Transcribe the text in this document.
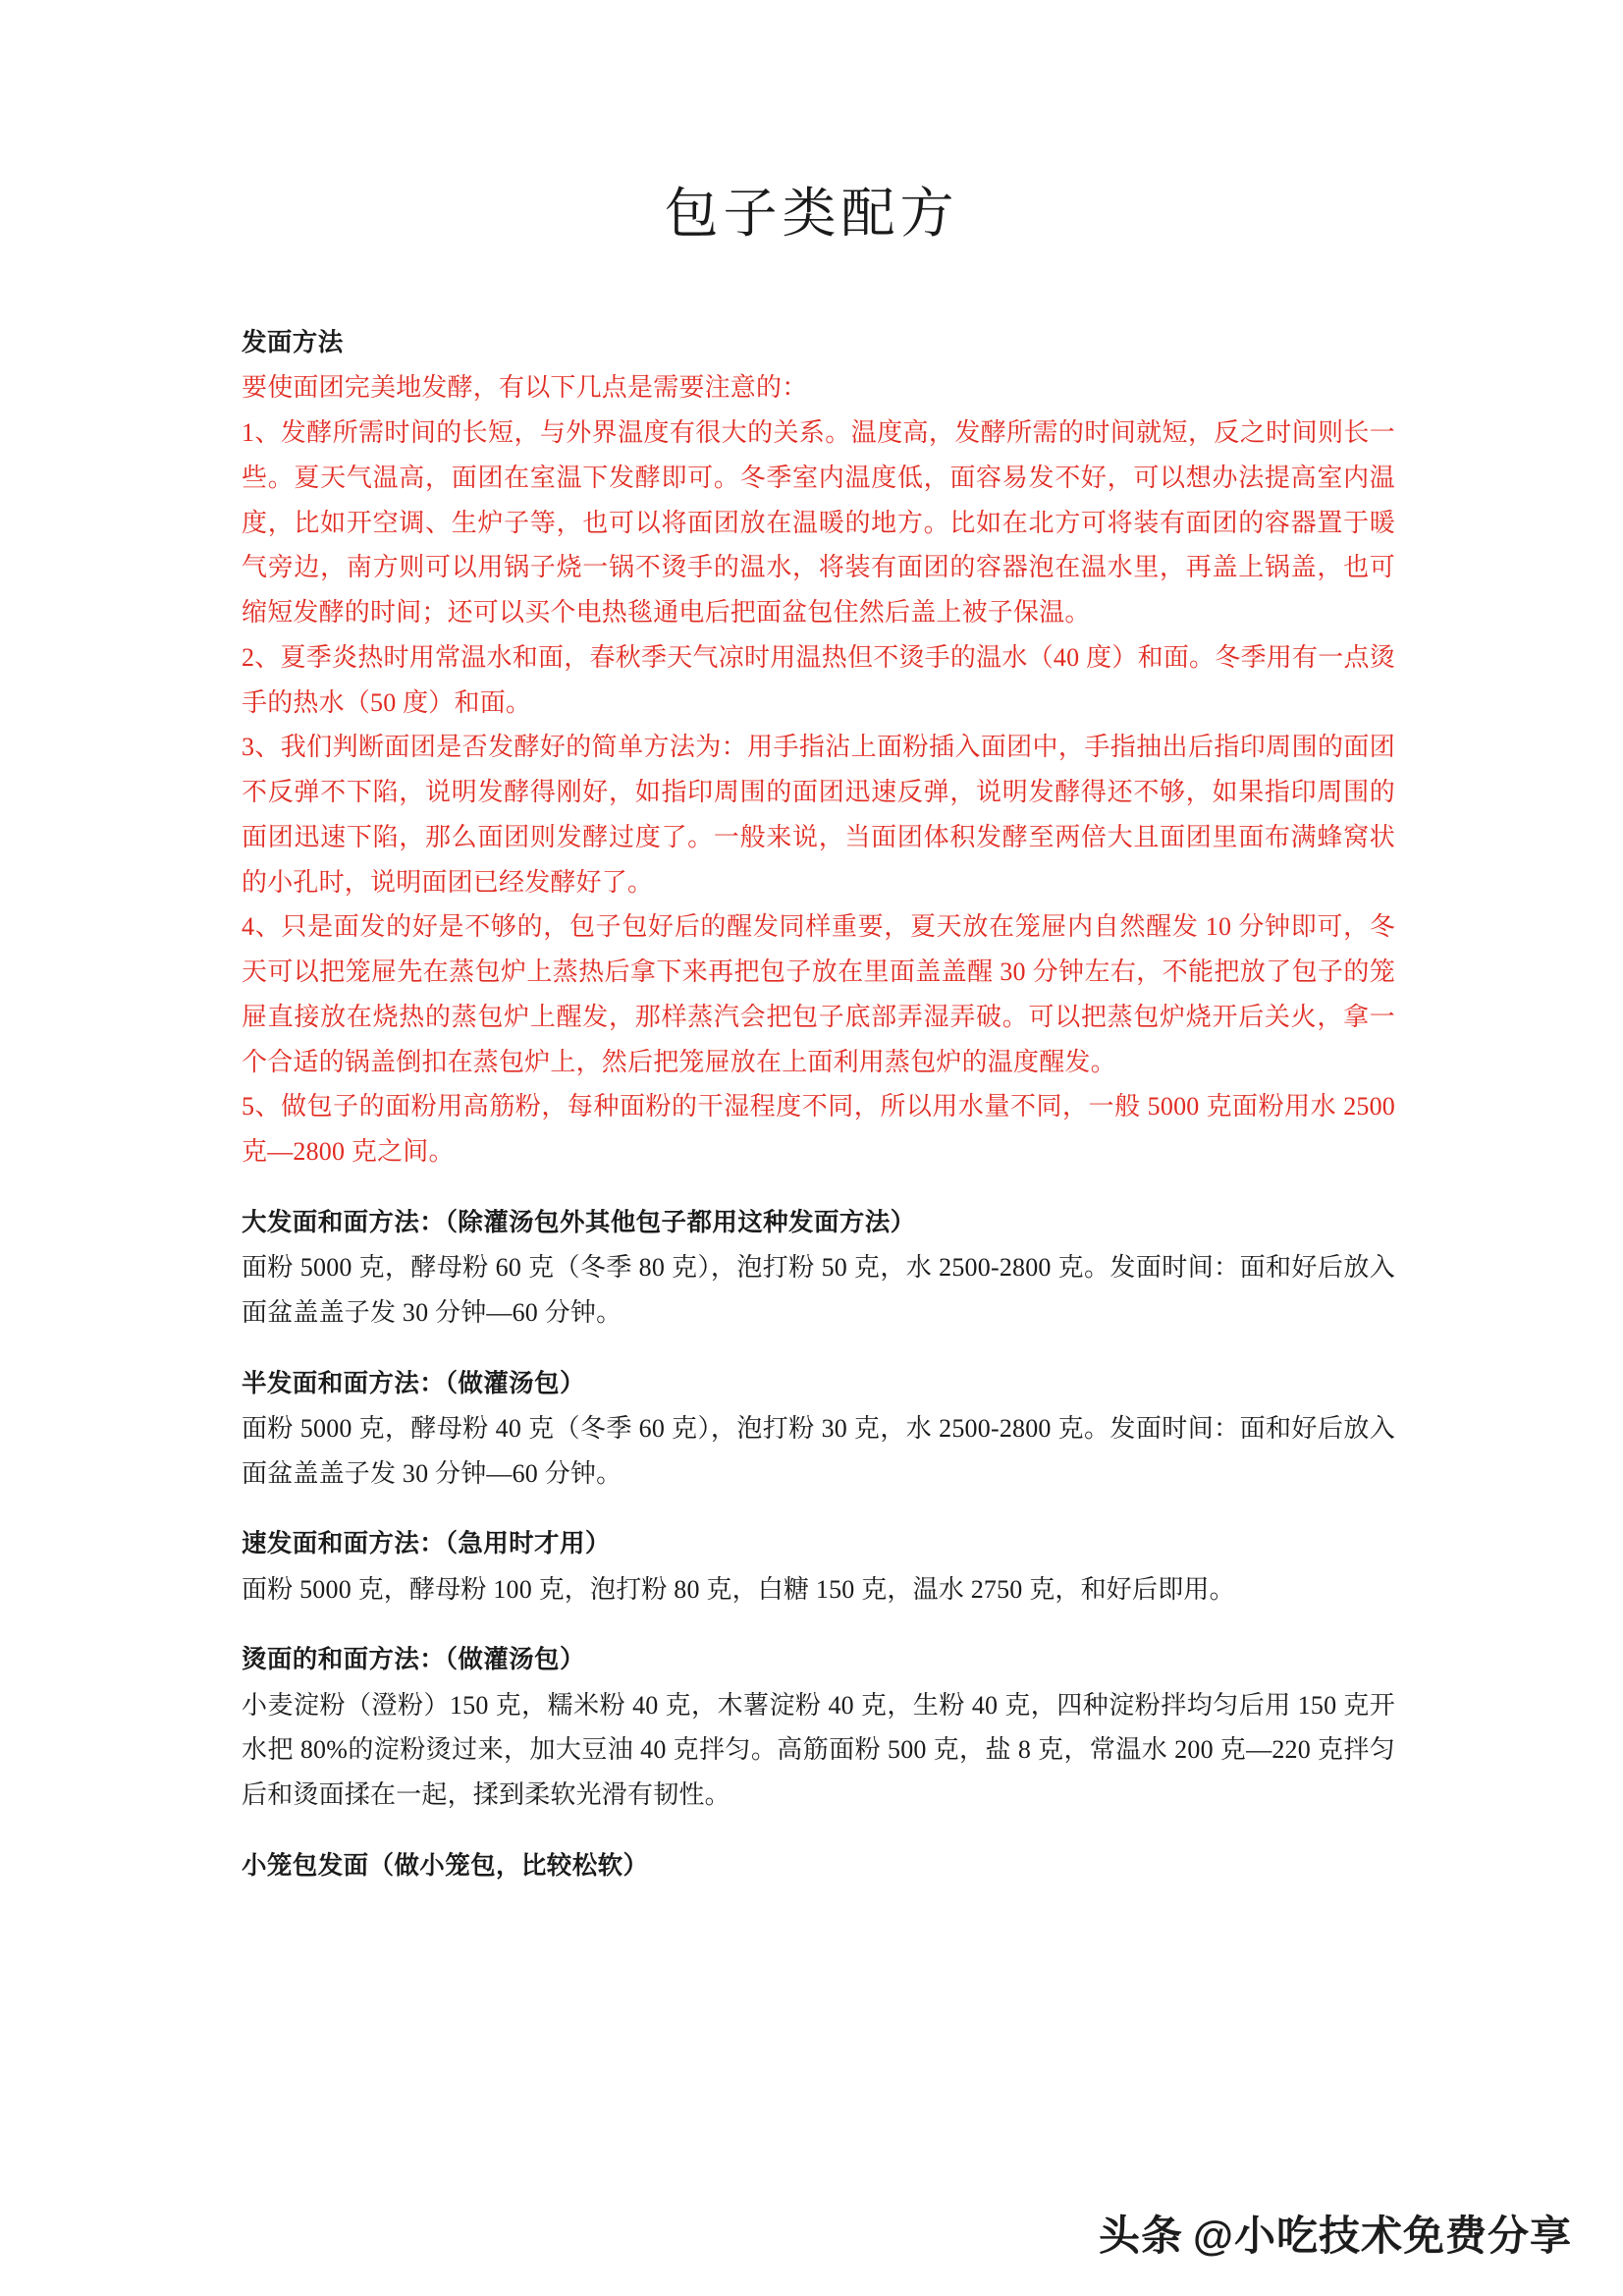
包子类配方
发面方法

要使面团完美地发酵，有以下几点是需要注意的：

1、发酵所需时间的长短，与外界温度有很大的关系。温度高，发酵所需的时间就短，反之时间则长一些。夏天气温高，面团在室温下发酵即可。冬季室内温度低，面容易发不好，可以想办法提高室内温度，比如开空调、生炉子等，也可以将面团放在温暖的地方。比如在北方可将装有面团的容器置于暖气旁边，南方则可以用锅子烧一锅不烫手的温水，将装有面团的容器泡在温水里，再盖上锅盖，也可缩短发酵的时间；还可以买个电热毯通电后把面盆包住然后盖上被子保温。

2、夏季炎热时用常温水和面，春秋季天气凉时用温热但不烫手的温水（40 度）和面。冬季用有一点烫手的热水（50 度）和面。

3、我们判断面团是否发酵好的简单方法为：用手指沾上面粉插入面团中，手指抽出后指印周围的面团不反弹不下陷，说明发酵得刚好，如指印周围的面团迅速反弹，说明发酵得还不够，如果指印周围的面团迅速下陷，那么面团则发酵过度了。一般来说，当面团体积发酵至两倍大且面团里面布满蜂窝状的小孔时，说明面团已经发酵好了。

4、只是面发的好是不够的，包子包好后的醒发同样重要，夏天放在笼屉内自然醒发 10 分钟即可，冬天可以把笼屉先在蒸包炉上蒸热后拿下来再把包子放在里面盖盖醒 30 分钟左右，不能把放了包子的笼屉直接放在烧热的蒸包炉上醒发，那样蒸汽会把包子底部弄湿弄破。可以把蒸包炉烧开后关火，拿一个合适的锅盖倒扣在蒸包炉上，然后把笼屉放在上面利用蒸包炉的温度醒发。

5、做包子的面粉用高筋粉，每种面粉的干湿程度不同，所以用水量不同，一般 5000 克面粉用水 2500 克—2800 克之间。

大发面和面方法：（除灌汤包外其他包子都用这种发面方法）

面粉 5000 克，酵母粉 60 克（冬季 80 克），泡打粉 50 克，水 2500-2800 克。发面时间：面和好后放入面盆盖盖子发 30 分钟—60 分钟。

半发面和面方法：（做灌汤包）

面粉 5000 克，酵母粉 40 克（冬季 60 克），泡打粉 30 克，水 2500-2800 克。发面时间：面和好后放入面盆盖盖子发 30 分钟—60 分钟。

速发面和面方法：（急用时才用）

面粉 5000 克，酵母粉 100 克，泡打粉 80 克，白糖 150 克，温水 2750 克，和好后即用。

烫面的和面方法：（做灌汤包）

小麦淀粉（澄粉）150 克，糯米粉 40 克，木薯淀粉 40 克，生粉 40 克，四种淀粉拌均匀后用 150 克开水把 80%的淀粉烫过来，加大豆油 40 克拌匀。高筋面粉 500 克，盐 8 克，常温水 200 克—220 克拌匀后和烫面揉在一起，揉到柔软光滑有韧性。

小笼包发面（做小笼包，比较松软）
头条 @小吃技术免费分享
